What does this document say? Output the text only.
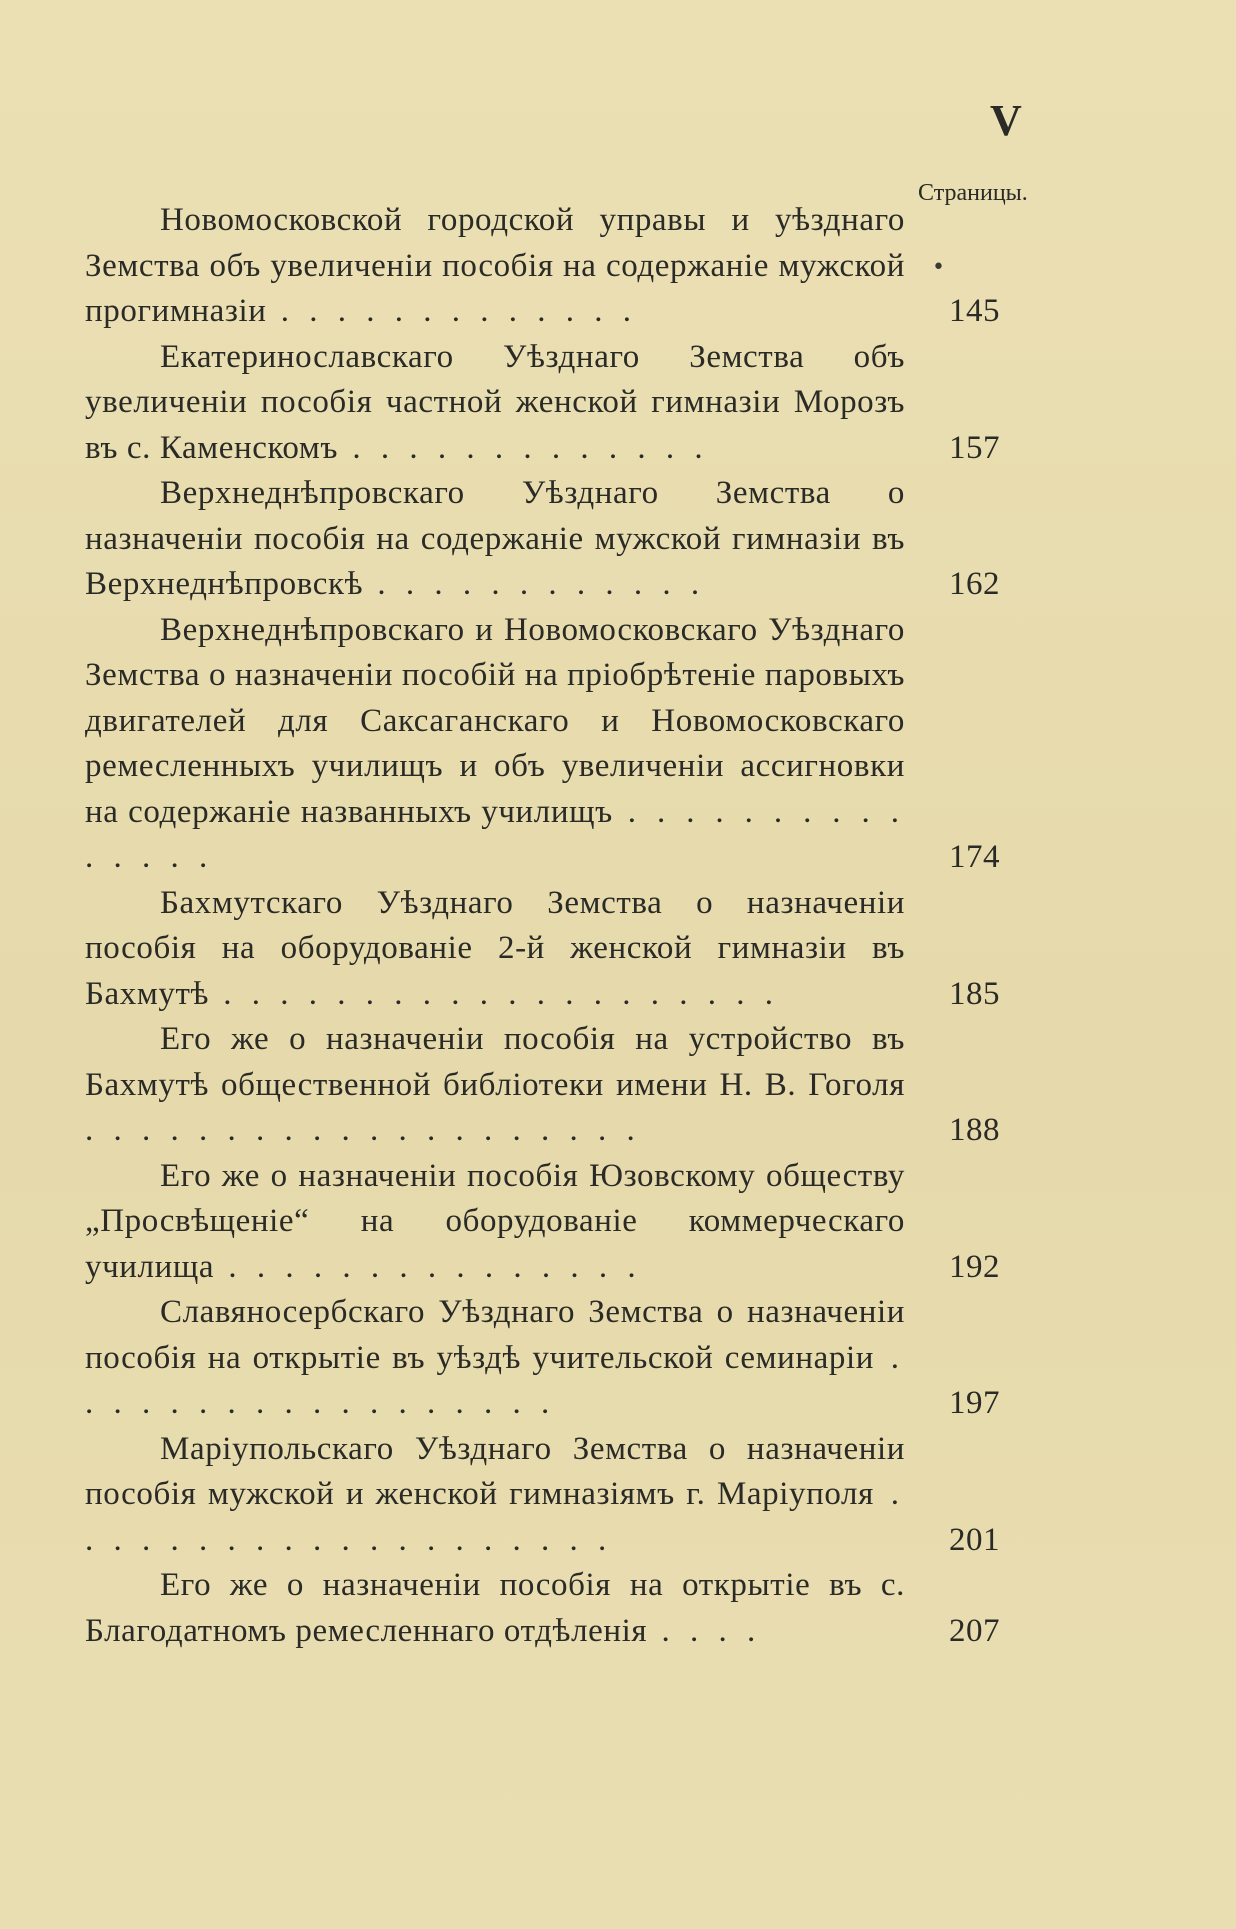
V
Страницы.
•
Новомосковской городской управы и уѣзднаго Земства объ увеличеніи пособія на содержаніе мужской прогимназіи . . . . . . . . . . . . .	145
Екатеринославскаго Уѣзднаго Земства объ увеличеніи пособія частной женской гимназіи Морозъ въ с. Каменскомъ . . . . . . . . . . . . .	157
Верхнеднѣпровскаго Уѣзднаго Земства о назначеніи пособія на содержаніе мужской гимназіи въ Верхнеднѣпровскѣ . . . . . . . . . . . .	162
Верхнеднѣпровскаго и Новомосковскаго Уѣзднаго Земства о назначеніи пособій на пріобрѣтеніе паровыхъ двигателей для Саксаганскаго и Новомосковскаго ремесленныхъ училищъ и объ увеличеніи ассигновки на содержаніе названныхъ училищъ . . . . . . . . . . . . . . .	174
Бахмутскаго Уѣзднаго Земства о назначеніи пособія на оборудованіе 2-й женской гимназіи въ Бахмутѣ . . . . . . . . . . . . . . . . . . . .	185
Его же о назначеніи пособія на устройство въ Бахмутѣ общественной библіотеки имени Н. В. Гоголя . . . . . . . . . . . . . . . . . . . .	188
Его же о назначеніи пособія Юзовскому обществу „Просвѣщеніе“ на оборудованіе коммерческаго училища . . . . . . . . . . . . . . .	192
Славяносербскаго Уѣзднаго Земства о назначеніи пособія на открытіе въ уѣздѣ учительской семинаріи . . . . . . . . . . . . . . . . . .	197
Маріупольскаго Уѣзднаго Земства о назначеніи пособія мужской и женской гимназіямъ г. Маріуполя . . . . . . . . . . . . . . . . . . . .	201
Его же о назначеніи пособія на открытіе въ с. Благодатномъ ремесленнаго отдѣленія . . . .	207
